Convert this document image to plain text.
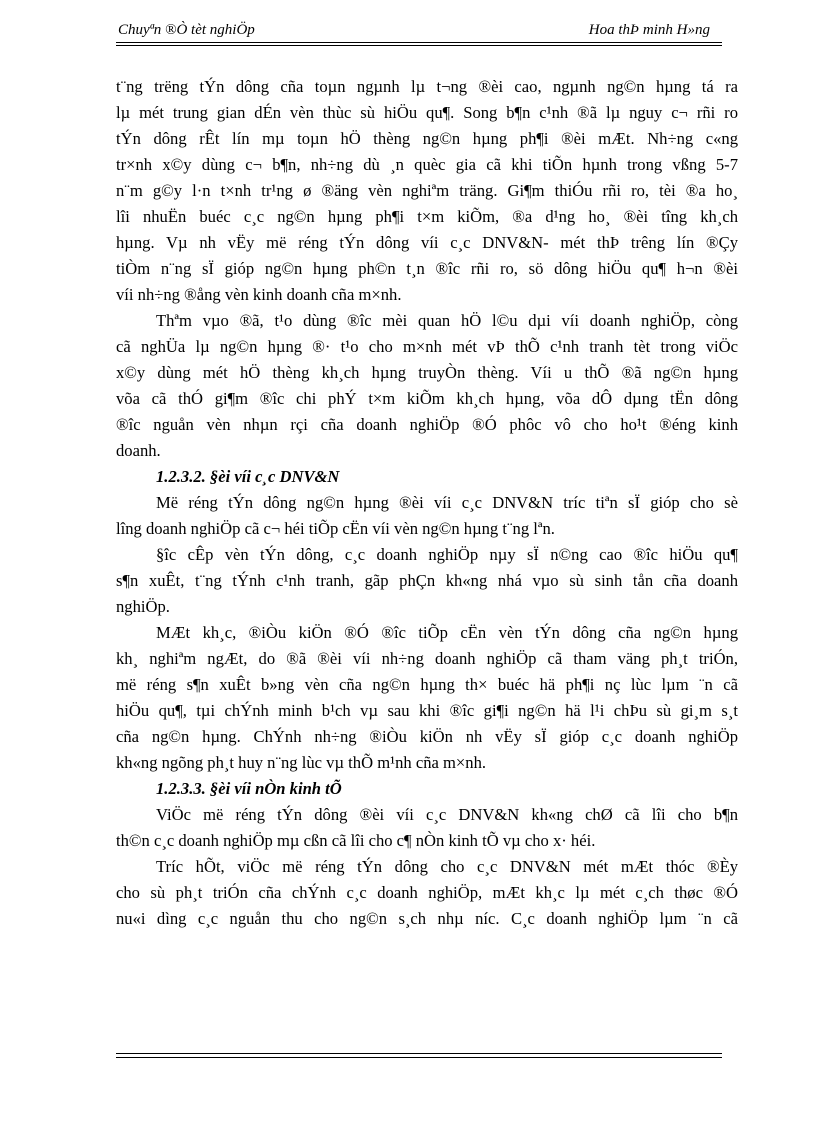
Chuyªn ®Ò tèt nghiÖp	Hoa thÞ minh H»ng
t¨ng trëng tÝn dông cña toµn ngµnh lµ t¬ng ®èi cao, ngµnh ng©n hµng tá ra
lµ mét trung gian dÉn vèn thùc sù hiÖu qu¶. Song b¶n c¹nh ®ã lµ nguy c¬ rñi ro
tÝn dông rÊt lín mµ toµn hÖ thèng ng©n hµng ph¶i ®èi mÆt. Nh÷ng c«ng
tr×nh x©y dùng c¬ b¶n, nh÷ng dù ¸n quèc gia cã khi tiÕn hµnh trong vßng 5-7
n¨m g©y l·n t×nh tr¹ng ø ®äng vèn nghiªm träng. Gi¶m thiÓu rñi ro, tèi ®a ho¸
lîi nhuËn buéc c¸c ng©n hµng ph¶i t×m kiÕm, ®a d¹ng ho¸ ®èi tîng kh¸ch
hµng. Vµ nh vËy më réng tÝn dông víi c¸c DNV&N- mét thÞ trêng lín ®Çy
tiÒm n¨ng sÏ gióp ng©n hµng ph©n t¸n ®îc rñi ro, sö dông hiÖu qu¶ h¬n ®èi
víi nh÷ng ®ång vèn kinh doanh cña m×nh.
Thªm vµo ®ã, t¹o dùng ®îc mèi quan hÖ l©u dµi víi doanh nghiÖp, còng
cã nghÜa lµ ng©n hµng ®· t¹o cho m×nh mét vÞ thÕ c¹nh tranh tèt trong viÖc
x©y dùng mét hÖ thèng kh¸ch hµng truyÒn thèng. Víi u thÕ ®ã ng©n hµng
võa cã thÓ gi¶m ®îc chi phÝ t×m kiÕm kh¸ch hµng, võa dÔ dµng tËn dông
®îc nguån vèn nhµn rçi cña doanh nghiÖp ®Ó phôc vô cho ho¹t ®éng kinh
doanh.
1.2.3.2. §èi víi c¸c DNV&N
Më réng tÝn dông ng©n hµng ®èi víi c¸c DNV&N tríc tiªn sÏ gióp cho sè
lîng doanh nghiÖp cã c¬ héi tiÕp cËn víi vèn ng©n hµng t¨ng lªn.
§îc cÊp vèn tÝn dông, c¸c doanh nghiÖp nµy sÏ n©ng cao ®îc hiÖu qu¶
s¶n xuÊt, t¨ng tÝnh c¹nh tranh, gãp phÇn kh«ng nhá vµo sù sinh tån cña doanh
nghiÖp.
MÆt kh¸c, ®iÒu kiÖn ®Ó ®îc tiÕp cËn vèn tÝn dông cña ng©n hµng
kh¸ nghiªm ngÆt, do ®ã ®èi víi nh÷ng doanh nghiÖp cã tham väng ph¸t triÓn,
më réng s¶n xuÊt b»ng vèn cña ng©n hµng th× buéc hä ph¶i nç lùc lµm ¨n cã
hiÖu qu¶, tµi chÝnh minh b¹ch vµ sau khi ®îc gi¶i ng©n hä l¹i chÞu sù gi¸m s¸t
cña ng©n hµng. ChÝnh nh÷ng ®iÒu kiÖn nh vËy sÏ gióp c¸c doanh nghiÖp
kh«ng ngõng ph¸t huy n¨ng lùc vµ thÕ m¹nh cña m×nh.
1.2.3.3. §èi víi nÒn kinh tÕ
ViÖc më réng tÝn dông ®èi víi c¸c DNV&N kh«ng chØ cã lîi cho b¶n
th©n c¸c doanh nghiÖp mµ cßn cã lîi cho c¶ nÒn kinh tÕ vµ cho x· héi.
Tríc hÕt, viÖc më réng tÝn dông cho c¸c DNV&N mét mÆt thóc ®Èy
cho sù ph¸t triÓn cña chÝnh c¸c doanh nghiÖp, mÆt kh¸c lµ mét c¸ch thøc ®Ó
nu«i dìng c¸c nguån thu cho ng©n s¸ch nhµ níc. C¸c doanh nghiÖp lµm ¨n cã
